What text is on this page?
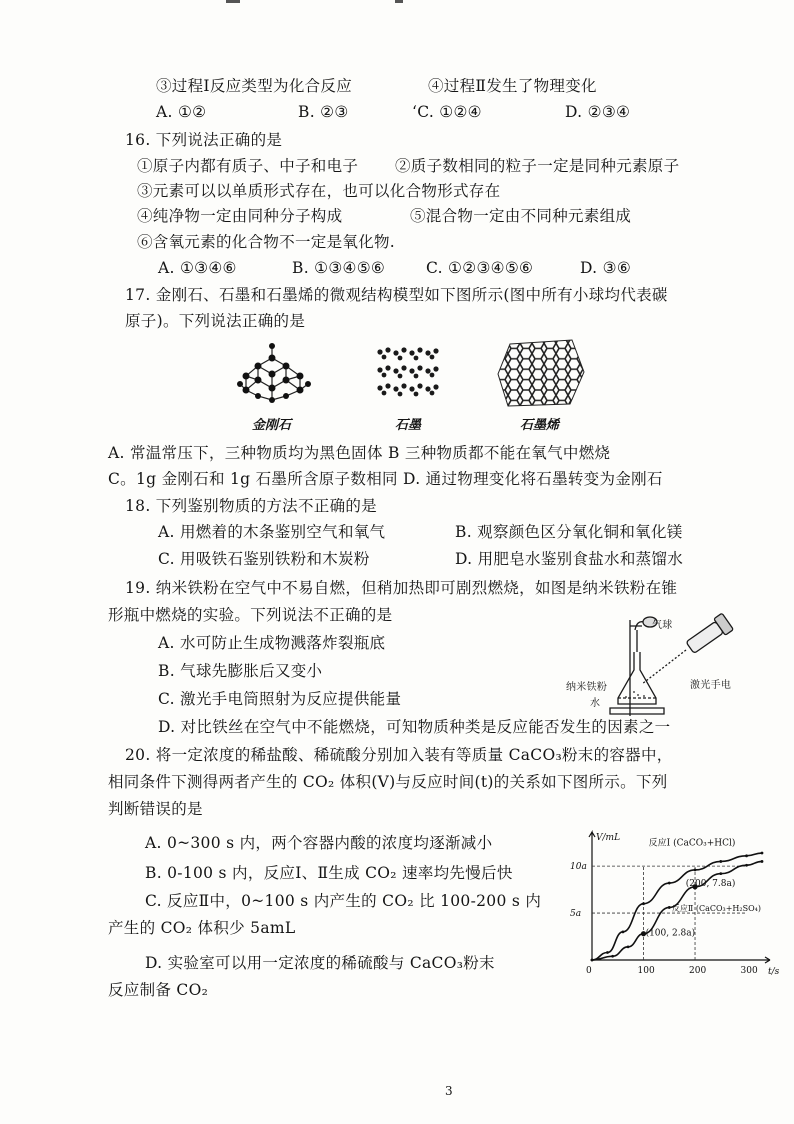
③过程Ⅰ反应类型为化合反应	④过程Ⅱ发生了物理变化
A. ①②	B. ②③	‘C. ①②④	D. ②③④
16. 下列说法正确的是
①原子内都有质子、中子和电子 ②质子数相同的粒子一定是同种元素原子
③元素可以以单质形式存在，也可以化合物形式存在
④纯净物一定由同种分子构成	⑤混合物一定由不同种元素组成
⑥含氧元素的化合物不一定是氧化物.
A. ①③④⑥	B. ①③④⑤⑥	C. ①②③④⑤⑥	D. ③⑥
17. 金刚石、石墨和石墨烯的微观结构模型如下图所示(图中所有小球均代表碳
原子)。下列说法正确的是
金刚石	石墨	石墨烯
A. 常温常压下，三种物质均为黑色固体 B 三种物质都不能在氧气中燃烧
C。1g 金刚石和 1g 石墨所含原子数相同 D. 通过物理变化将石墨转变为金刚石
18. 下列鉴别物质的方法不正确的是
A. 用燃着的木条鉴别空气和氧气	B. 观察颜色区分氧化铜和氧化镁
C. 用吸铁石鉴别铁粉和木炭粉	D. 用肥皂水鉴别食盐水和蒸馏水
19. 纳米铁粉在空气中不易自燃，但稍加热即可剧烈燃烧，如图是纳米铁粉在锥
形瓶中燃烧的实验。下列说法不正确的是
A. 水可防止生成物溅落炸裂瓶底
B. 气球先膨胀后又变小
C. 激光手电筒照射为反应提供能量
D. 对比铁丝在空气中不能燃烧，可知物质种类是反应能否发生的因素之一
气球
纳米铁粉
水
激光手电
20. 将一定浓度的稀盐酸、稀硫酸分别加入装有等质量 CaCO₃粉末的容器中，
相同条件下测得两者产生的 CO₂ 体积(V)与反应时间(t)的关系如下图所示。下列
判断错误的是
A. 0~300 s 内，两个容器内酸的浓度均逐渐减小
B. 0-100 s 内，反应Ⅰ、Ⅱ生成 CO₂ 速率均先慢后快
C. 反应Ⅱ中，0~100 s 内产生的 CO₂ 比 100-200 s 内
产生的 CO₂ 体积少 5amL
D. 实验室可以用一定浓度的稀硫酸与 CaCO₃粉末
反应制备 CO₂
V/mL
t/s
0	100	200	300
5a
10a
反应Ⅰ (CaCO₃+HCl)
反应Ⅱ (CaCO₃+H₂SO₄)
(200, 7.8a)
(100, 2.8a)
3
